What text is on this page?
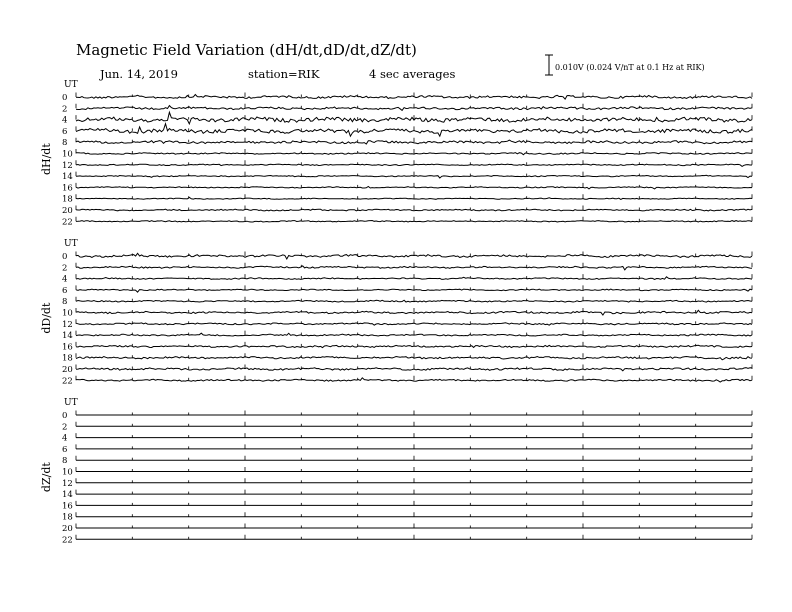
Magnetic Field Variation (dH/dt,dD/dt,dZ/dt)
Jun. 14, 2019	station=RIK	4 sec averages	0.010V (0.024 V/nT at 0.1 Hz at RIK)
UT
dH/dt
0
2
4
6
8
10
12
14
16
18
20
22
UT
dD/dt
0
2
4
6
8
10
12
14
16
18
20
22
UT
dZ/dt
0
2
4
6
8
10
12
14
16
18
20
22
